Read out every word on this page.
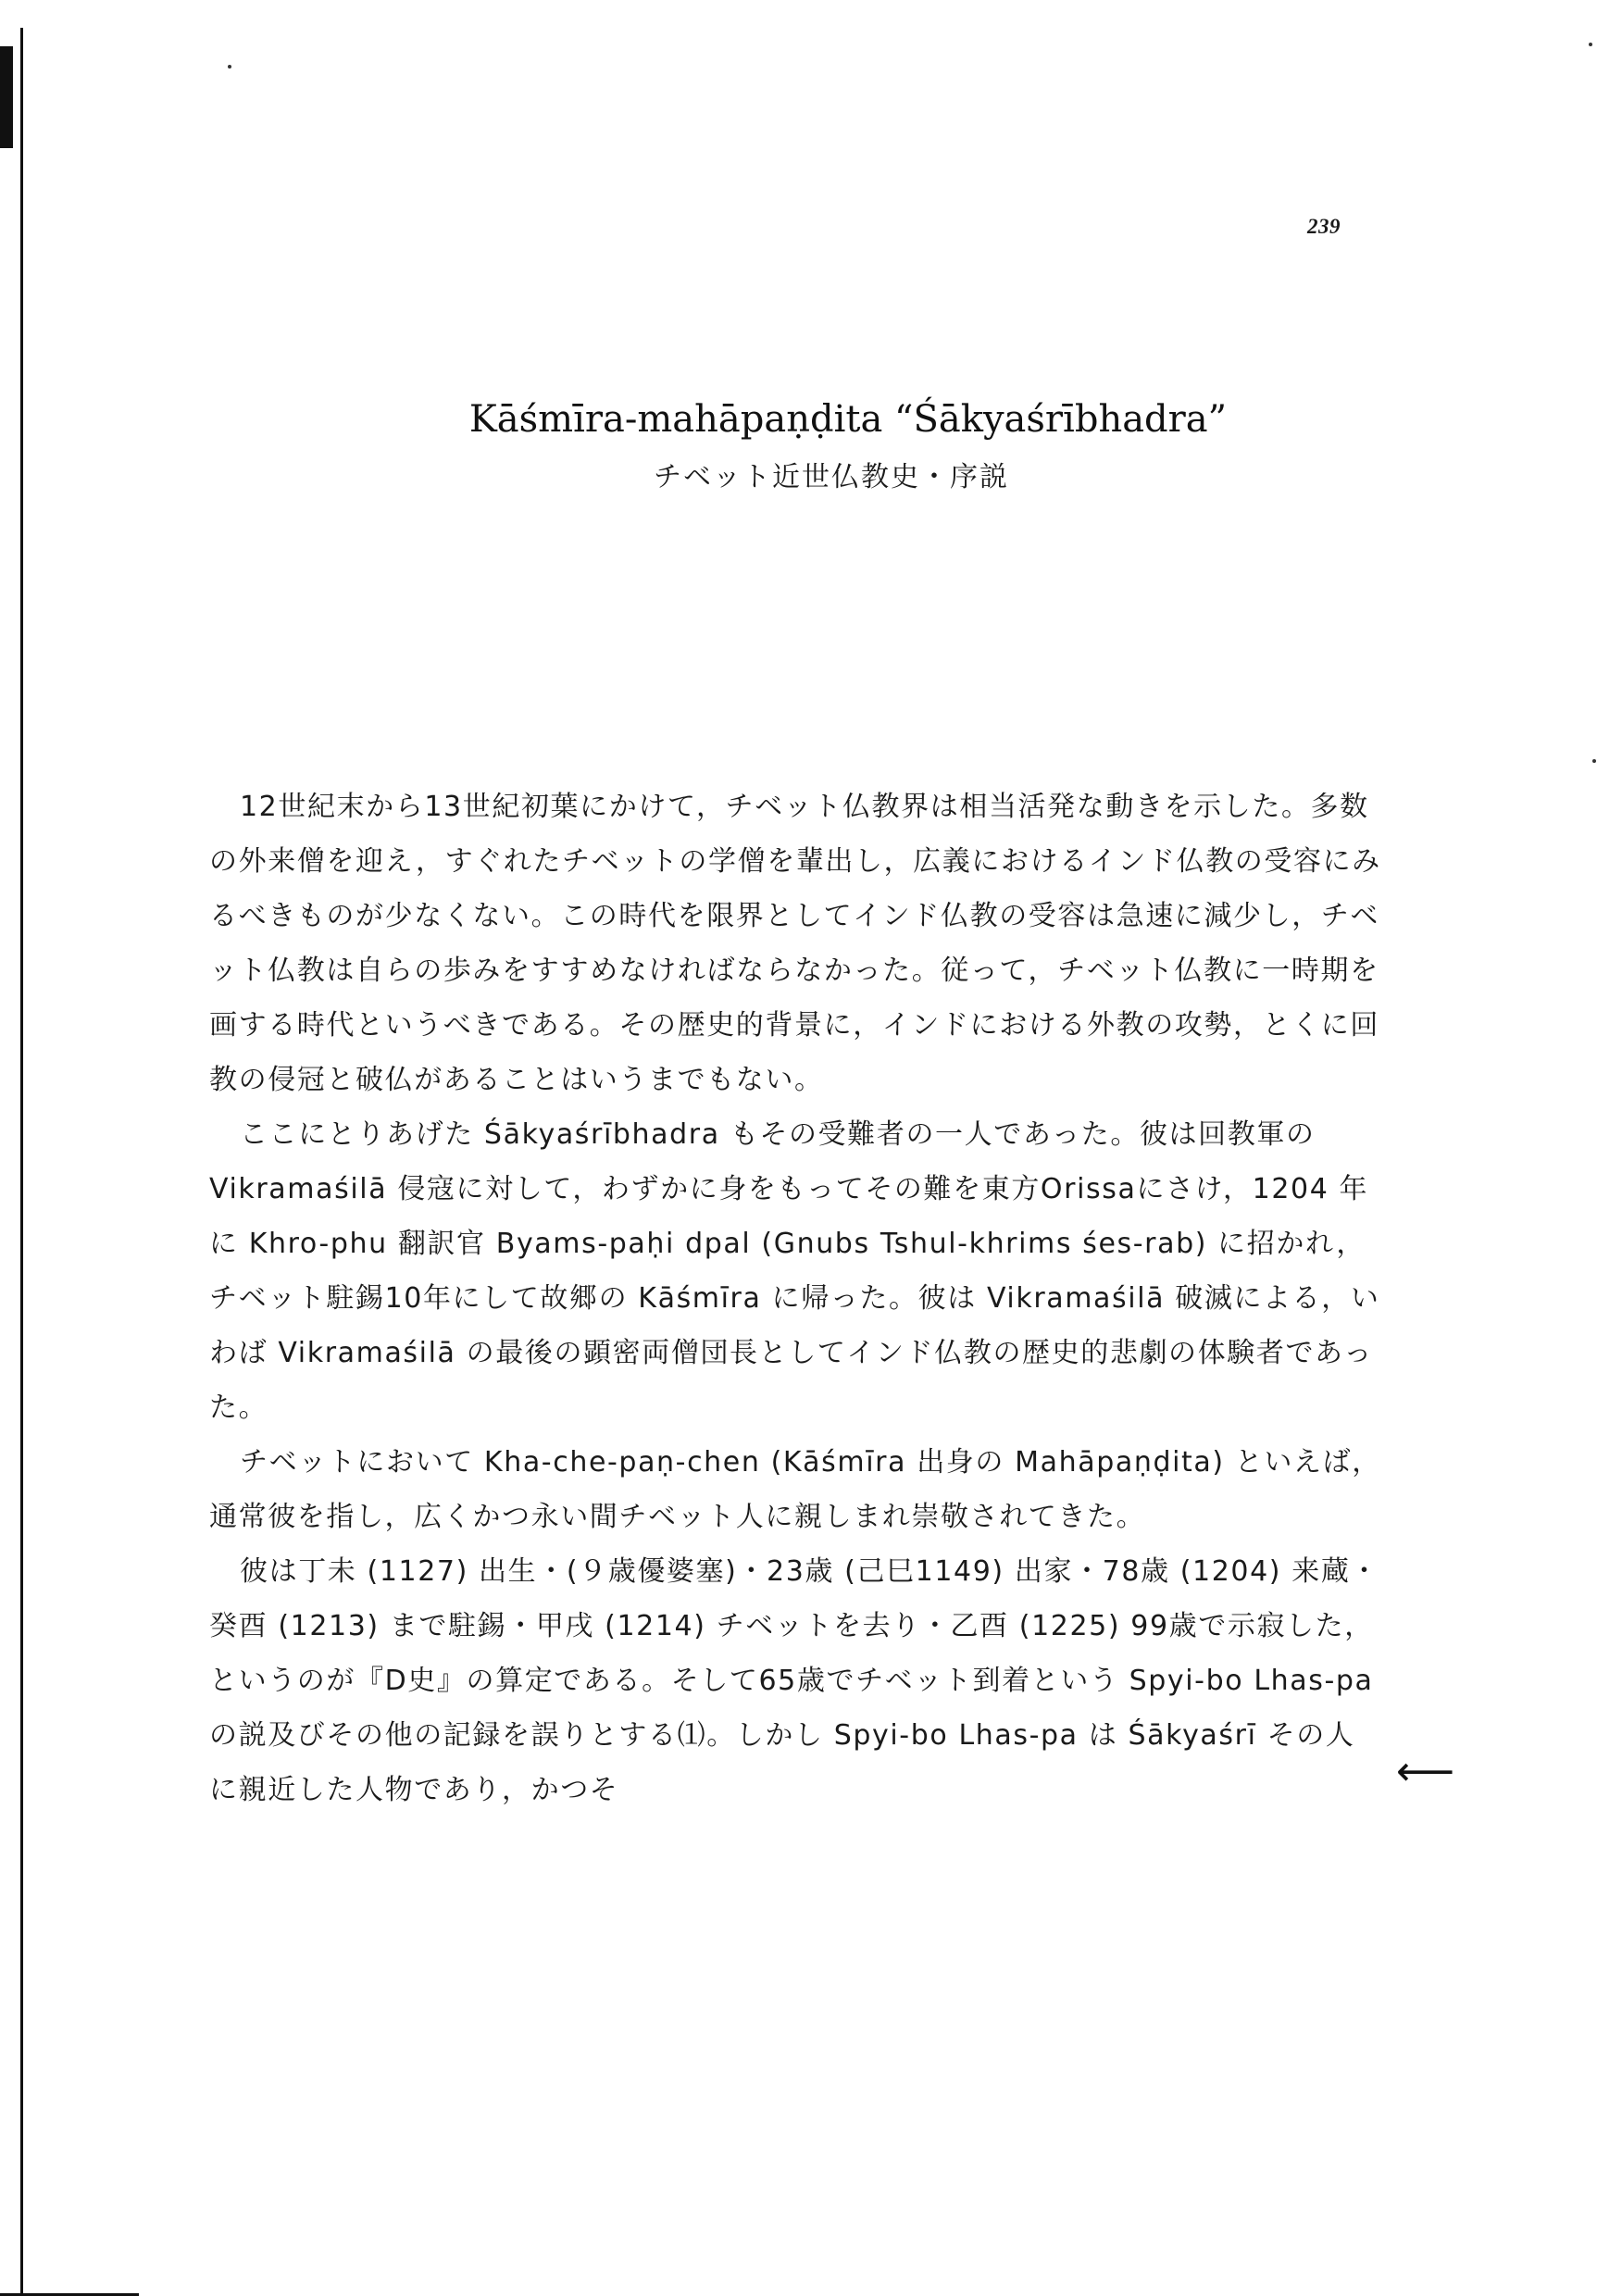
239
Kāśmīra-mahāpaṇḍita “Śākyaśrībhadra”
チベット近世仏教史・序説

12世紀末から13世紀初葉にかけて，チベット仏教界は相当活発な動きを示した。多数の外来僧を迎え，すぐれたチベットの学僧を輩出し，広義におけるインド仏教の受容にみるべきものが少なくない。この時代を限界としてインド仏教の受容は急速に減少し，チベット仏教は自らの歩みをすすめなければならなかった。従って，チベット仏教に一時期を画する時代というべきである。その歴史的背景に，インドにおける外教の攻勢，とくに回教の侵冠と破仏があることはいうまでもない。

ここにとりあげた Śākyaśrībhadra もその受難者の一人であった。彼は回教軍の Vikramaśilā 侵寇に対して，わずかに身をもってその難を東方Orissaにさけ，1204 年に Khro-phu 翻訳官 Byams-paḥi dpal (Gnubs Tshul-khrims śes-rab) に招かれ，チベット駐錫10年にして故郷の Kāśmīra に帰った。彼は Vikramaśilā 破滅による，いわば Vikramaśilā の最後の顕密両僧団長としてインド仏教の歴史的悲劇の体験者であった。

チベットにおいて Kha-che-paṇ-chen (Kāśmīra 出身の Mahāpaṇḍita) といえば，通常彼を指し，広くかつ永い間チベット人に親しまれ崇敬されてきた。

彼は丁未 (1127) 出生・(９歳優婆塞)・23歳 (己巳1149) 出家・78歳 (1204) 来蔵・癸酉 (1213) まで駐錫・甲戌 (1214) チベットを去り・乙酉 (1225) 99歳で示寂した，というのが『D史』の算定である。そして65歳でチベット到着という Spyi-bo Lhas-pa の説及びその他の記録を誤りとする⑴。しかし Spyi-bo Lhas-pa は Śākyaśrī その人に親近した人物であり，かつそ	⟵
